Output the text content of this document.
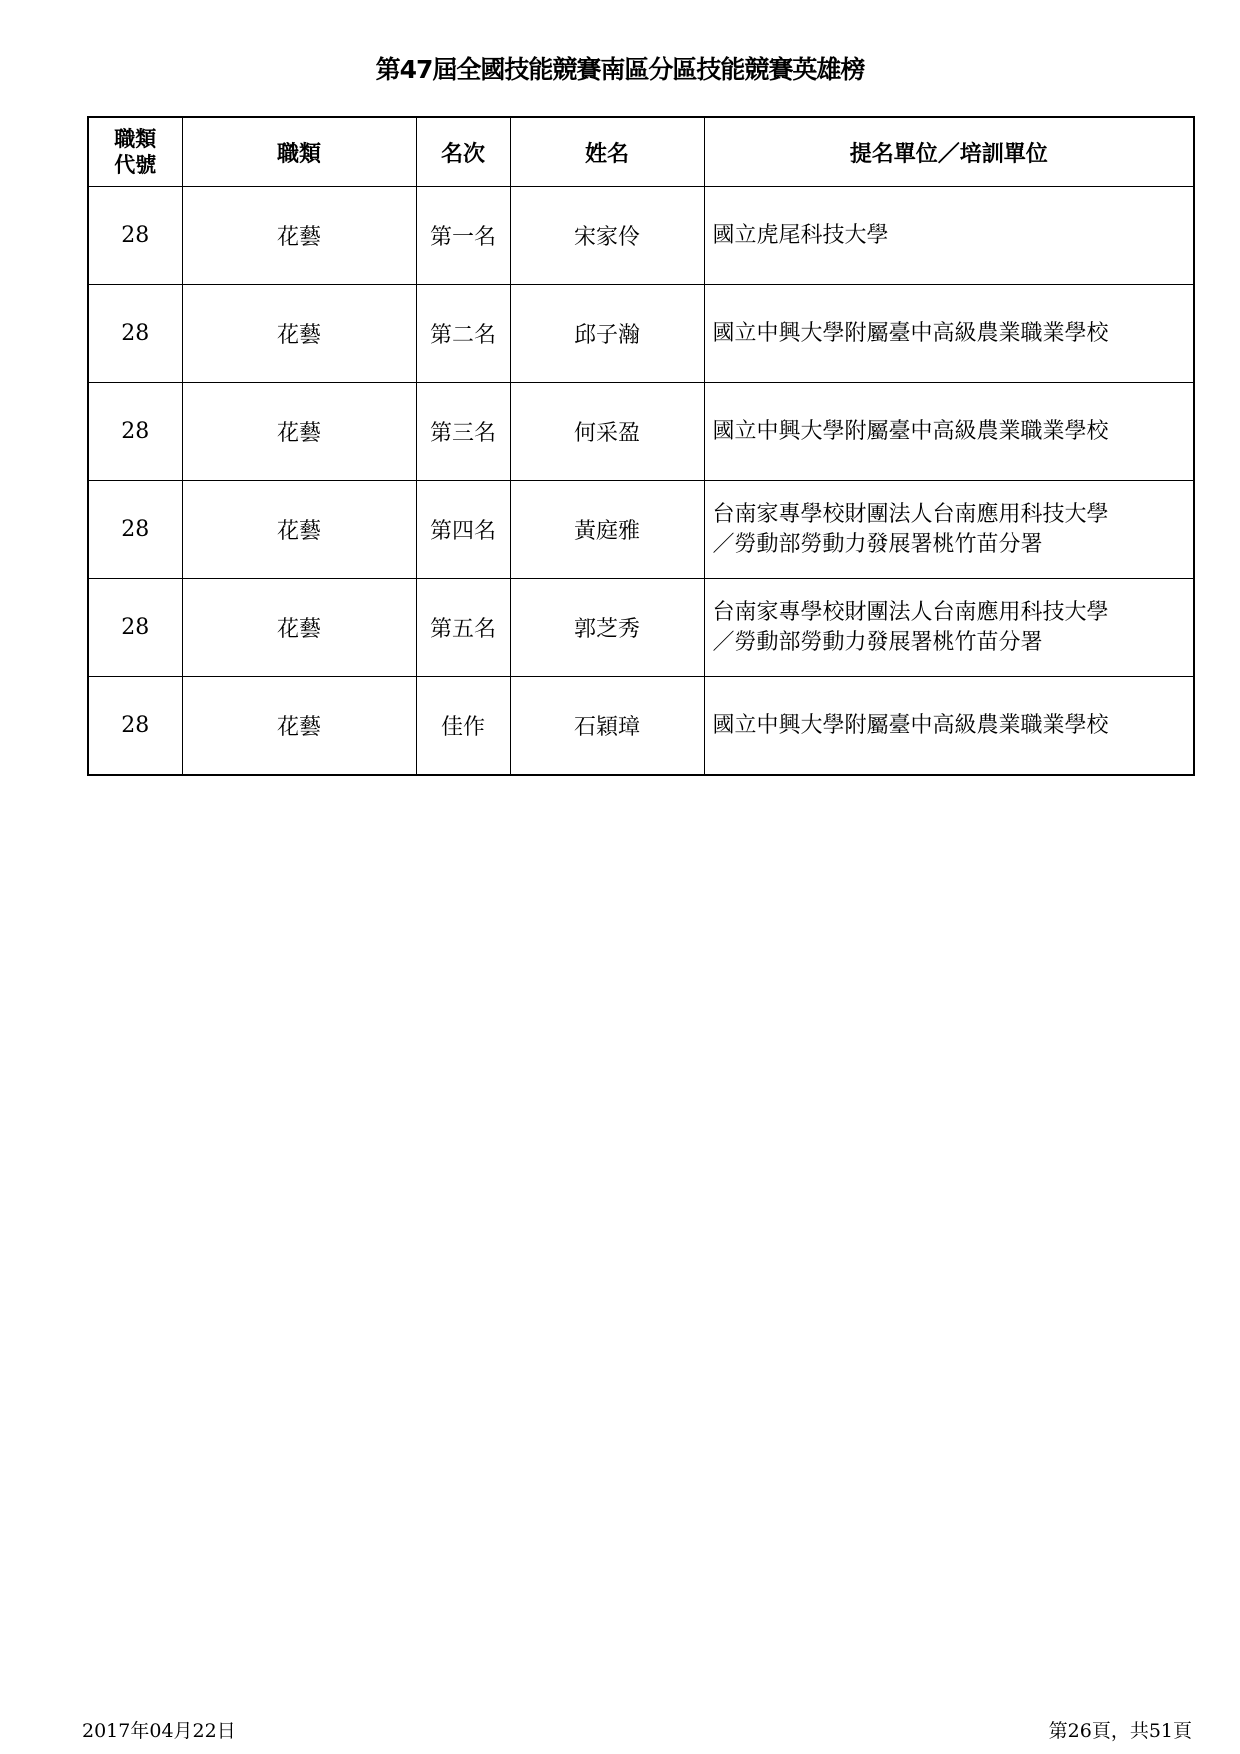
第47屆全國技能競賽南區分區技能競賽英雄榜
職類
代號	職類	名次	姓名	提名單位／培訓單位
28	花藝	第一名	宋家伶	國立虎尾科技大學

28	花藝	第二名	邱子瀚	國立中興大學附屬臺中高級農業職業學校

28	花藝	第三名	何采盈	國立中興大學附屬臺中高級農業職業學校

28	花藝	第四名	黃庭雅	台南家專學校財團法人台南應用科技大學
／勞動部勞動力發展署桃竹苗分署

28	花藝	第五名	郭芝秀	台南家專學校財團法人台南應用科技大學
／勞動部勞動力發展署桃竹苗分署

28	花藝	佳作	石穎璋	國立中興大學附屬臺中高級農業職業學校
2017年04月22日	第26頁，共51頁
